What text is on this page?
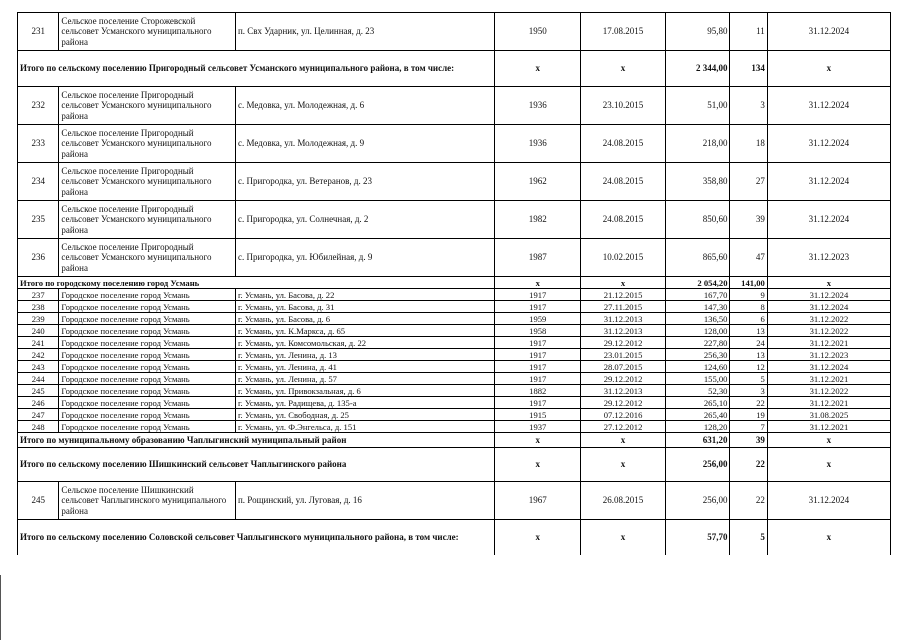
231	Сельское поселение Сторожевской сельсовет Усманского муниципального района	п. Свх Ударник, ул. Целинная, д. 23	1950	17.08.2015	95,80	11	31.12.2024
Итого по сельскому поселению Пригородный сельсовет Усманского муниципального района, в том числе:			х	х	2 344,00	134	х
232	Сельское поселение Пригородный сельсовет Усманского муниципального района	с. Медовка, ул. Молодежная, д. 6	1936	23.10.2015	51,00	3	31.12.2024
233	Сельское поселение Пригородный сельсовет Усманского муниципального района	с. Медовка, ул. Молодежная, д. 9	1936	24.08.2015	218,00	18	31.12.2024
234	Сельское поселение Пригородный сельсовет Усманского муниципального района	с. Пригородка, ул. Ветеранов, д. 23	1962	24.08.2015	358,80	27	31.12.2024
235	Сельское поселение Пригородный сельсовет Усманского муниципального района	с. Пригородка, ул. Солнечная, д. 2	1982	24.08.2015	850,60	39	31.12.2024
236	Сельское поселение Пригородный сельсовет Усманского муниципального района	с. Пригородка, ул. Юбилейная, д. 9	1987	10.02.2015	865,60	47	31.12.2023
Итого по городскому поселению город Усмань			х	х	2 054,20	141,00	х
237	Городское поселение город Усмань	г. Усмань, ул. Басова, д. 22	1917	21.12.2015	167,70	9	31.12.2024
238	Городское поселение город Усмань	г. Усмань, ул. Басова, д. 31	1917	27.11.2015	147,30	8	31.12.2024
239	Городское поселение город Усмань	г. Усмань, ул. Басова, д. 6	1959	31.12.2013	136,50	6	31.12.2022
240	Городское поселение город Усмань	г. Усмань, ул. К.Маркса, д. 65	1958	31.12.2013	128,00	13	31.12.2022
241	Городское поселение город Усмань	г. Усмань, ул. Комсомольская, д. 22	1917	29.12.2012	227,80	24	31.12.2021
242	Городское поселение город Усмань	г. Усмань, ул. Ленина, д. 13	1917	23.01.2015	256,30	13	31.12.2023
243	Городское поселение город Усмань	г. Усмань, ул. Ленина, д. 41	1917	28.07.2015	124,60	12	31.12.2024
244	Городское поселение город Усмань	г. Усмань, ул. Ленина, д. 57	1917	29.12.2012	155,00	5	31.12.2021
245	Городское поселение город Усмань	г. Усмань, ул. Привокзальная, д. 6	1882	31.12.2013	52,30	3	31.12.2022
246	Городское поселение город Усмань	г. Усмань, ул. Радищева, д. 135-а	1917	29.12.2012	265,10	22	31.12.2021
247	Городское поселение город Усмань	г. Усмань, ул. Свободная, д. 25	1915	07.12.2016	265,40	19	31.08.2025
248	Городское поселение город Усмань	г. Усмань, ул. Ф.Энгельса, д. 151	1937	27.12.2012	128,20	7	31.12.2021
Итого по муниципальному образованию Чаплыгинский муниципальный район			х	х	631,20	39	х
Итого по сельскому поселению Шишкинский сельсовет Чаплыгинского района			х	х	256,00	22	х
245	Сельское поселение Шишкинский сельсовет Чаплыгинского муниципального района	п. Рощинский, ул. Луговая, д. 16	1967	26.08.2015	256,00	22	31.12.2024
Итого по сельскому поселению Соловской сельсовет Чаплыгинского муниципального района, в том числе:			х	х	57,70	5	х
